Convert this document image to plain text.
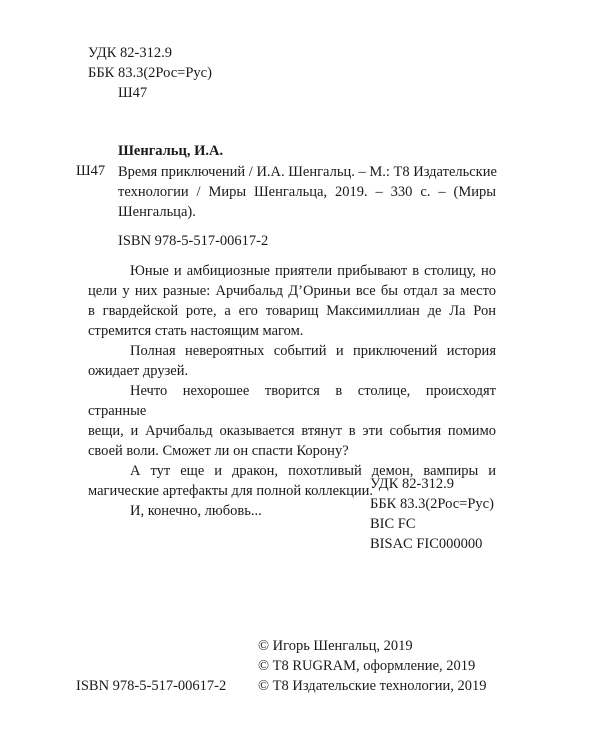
УДК 82-312.9
ББК 83.3(2Рос=Рус)
Ш47
Шенгальц, И.А.
Ш47 Время приключений / И.А. Шенгальц. – М.: Т8 Издательские
технологии / Миры Шенгальца, 2019. – 330 с. – (Миры
Шенгальца).
ISBN 978-5-517-00617-2

Юные и амбициозные приятели прибывают в столицу, но
цели у них разные: Арчибальд Д’Ориньи все бы отдал за место
в гвардейской роте, а его товарищ Максимиллиан де Ла Рон
стремится стать настоящим магом.

Полная невероятных событий и приключений история
ожидает друзей.

Нечто нехорошее творится в столице, происходят странные
вещи, и Арчибальд оказывается втянут в эти события помимо
своей воли. Сможет ли он спасти Корону?

А тут еще и дракон, похотливый демон, вампиры и
магические артефакты для полной коллекции.

И, конечно, любовь...

УДК 82-312.9
ББК 83.3(2Рос=Рус)
BIC FC
BISAC FIC000000
© Игорь Шенгальц, 2019
© Т8 RUGRAM, оформление, 2019
ISBN 978-5-517-00617-2 © Т8 Издательские технологии, 2019
